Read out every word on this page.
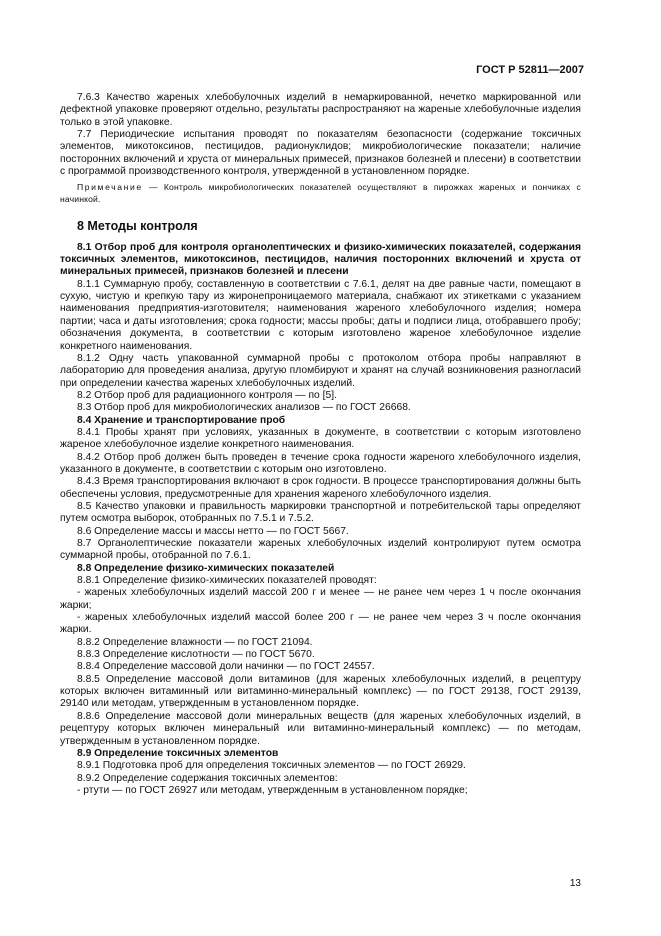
ГОСТ Р 52811—2007

7.6.3 Качество жареных хлебобулочных изделий в немаркированной, нечетко маркированной или дефектной упаковке проверяют отдельно, результаты распространяют на жареные хлебобулочные изделия только в этой упаковке.

7.7 Периодические испытания проводят по показателям безопасности (содержание токсичных элементов, микотоксинов, пестицидов, радионуклидов; микробиологические показатели; наличие посторонних включений и хруста от минеральных примесей, признаков болезней и плесени) в соответствии с программой производственного контроля, утвержденной в установленном порядке.

Примечание — Контроль микробиологических показателей осуществляют в пирожках жареных и пончиках с начинкой.

8 Методы контроля

8.1 Отбор проб для контроля органолептических и физико-химических показателей, содержания токсичных элементов, микотоксинов, пестицидов, наличия посторонних включений и хруста от минеральных примесей, признаков болезней и плесени

8.1.1 Суммарную пробу, составленную в соответствии с 7.6.1, делят на две равные части, помещают в сухую, чистую и крепкую тару из жиронепроницаемого материала, снабжают их этикетками с указанием наименования предприятия-изготовителя; наименования жареного хлебобулочного изделия; номера партии; часа и даты изготовления; срока годности; массы пробы; даты и подписи лица, отобравшего пробу; обозначения документа, в соответствии с которым изготовлено жареное хлебобулочное изделие конкретного наименования.

8.1.2 Одну часть упакованной суммарной пробы с протоколом отбора пробы направляют в лабораторию для проведения анализа, другую пломбируют и хранят на случай возникновения разногласий при определении качества жареных хлебобулочных изделий.

8.2 Отбор проб для радиационного контроля — по [5].

8.3 Отбор проб для микробиологических анализов — по ГОСТ 26668.

8.4 Хранение и транспортирование проб

8.4.1 Пробы хранят при условиях, указанных в документе, в соответствии с которым изготовлено жареное хлебобулочное изделие конкретного наименования.

8.4.2 Отбор проб должен быть проведен в течение срока годности жареного хлебобулочного изделия, указанного в документе, в соответствии с которым оно изготовлено.

8.4.3 Время транспортирования включают в срок годности. В процессе транспортирования должны быть обеспечены условия, предусмотренные для хранения жареного хлебобулочного изделия.

8.5 Качество упаковки и правильность маркировки транспортной и потребительской тары определяют путем осмотра выборок, отобранных по 7.5.1 и 7.5.2.

8.6 Определение массы и массы нетто — по ГОСТ 5667.

8.7 Органолептические показатели жареных хлебобулочных изделий контролируют путем осмотра суммарной пробы, отобранной по 7.6.1.

8.8 Определение физико-химических показателей

8.8.1 Определение физико-химических показателей проводят:

- жареных хлебобулочных изделий массой 200 г и менее — не ранее чем через 1 ч после окончания жарки;

- жареных хлебобулочных изделий массой более 200 г — не ранее чем через 3 ч после окончания жарки.

8.8.2 Определение влажности — по ГОСТ 21094.

8.8.3 Определение кислотности — по ГОСТ 5670.

8.8.4 Определение массовой доли начинки — по ГОСТ 24557.

8.8.5 Определение массовой доли витаминов (для жареных хлебобулочных изделий, в рецептуру которых включен витаминный или витаминно-минеральный комплекс) — по ГОСТ 29138, ГОСТ 29139, 29140 или методам, утвержденным в установленном порядке.

8.8.6 Определение массовой доли минеральных веществ (для жареных хлебобулочных изделий, в рецептуру которых включен минеральный или витаминно-минеральный комплекс) — по методам, утвержденным в установленном порядке.

8.9 Определение токсичных элементов

8.9.1 Подготовка проб для определения токсичных элементов — по ГОСТ 26929.

8.9.2 Определение содержания токсичных элементов:

- ртути — по ГОСТ 26927 или методам, утвержденным в установленном порядке;

13
